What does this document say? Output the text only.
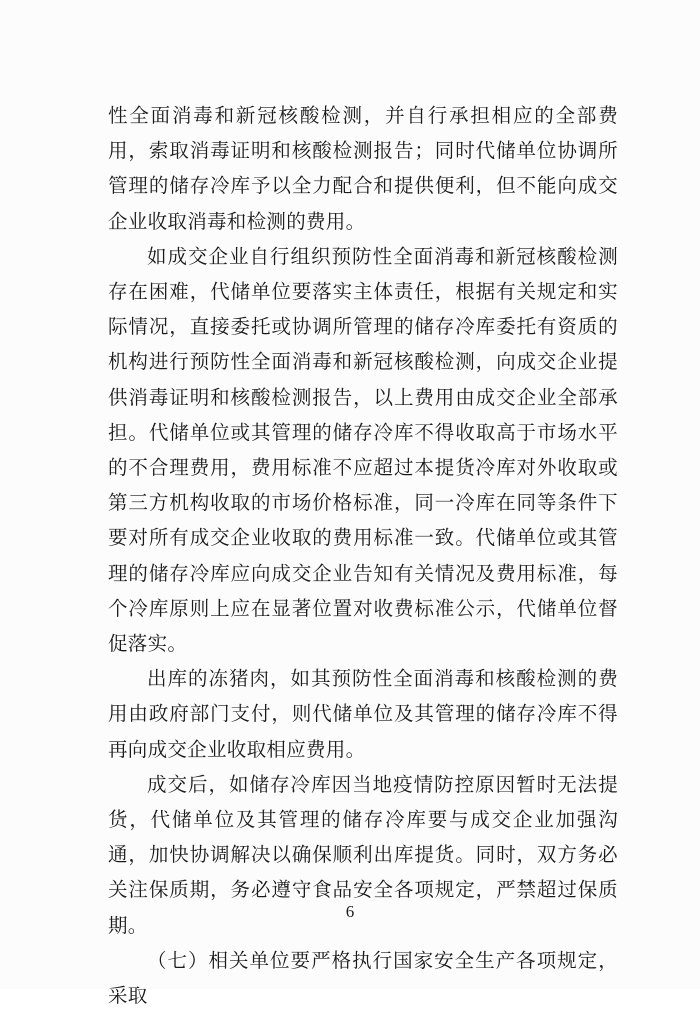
性全面消毒和新冠核酸检测，并自行承担相应的全部费用，索取消毒证明和核酸检测报告；同时代储单位协调所管理的储存冷库予以全力配合和提供便利，但不能向成交企业收取消毒和检测的费用。

如成交企业自行组织预防性全面消毒和新冠核酸检测存在困难，代储单位要落实主体责任，根据有关规定和实际情况，直接委托或协调所管理的储存冷库委托有资质的机构进行预防性全面消毒和新冠核酸检测，向成交企业提供消毒证明和核酸检测报告，以上费用由成交企业全部承担。代储单位或其管理的储存冷库不得收取高于市场水平的不合理费用，费用标准不应超过本提货冷库对外收取或第三方机构收取的市场价格标准，同一冷库在同等条件下要对所有成交企业收取的费用标准一致。代储单位或其管理的储存冷库应向成交企业告知有关情况及费用标准，每个冷库原则上应在显著位置对收费标准公示，代储单位督促落实。

出库的冻猪肉，如其预防性全面消毒和核酸检测的费用由政府部门支付，则代储单位及其管理的储存冷库不得再向成交企业收取相应费用。

成交后，如储存冷库因当地疫情防控原因暂时无法提货，代储单位及其管理的储存冷库要与成交企业加强沟通，加快协调解决以确保顺利出库提货。同时，双方务必关注保质期，务必遵守食品安全各项规定，严禁超过保质期。

（七）相关单位要严格执行国家安全生产各项规定，采取

6
